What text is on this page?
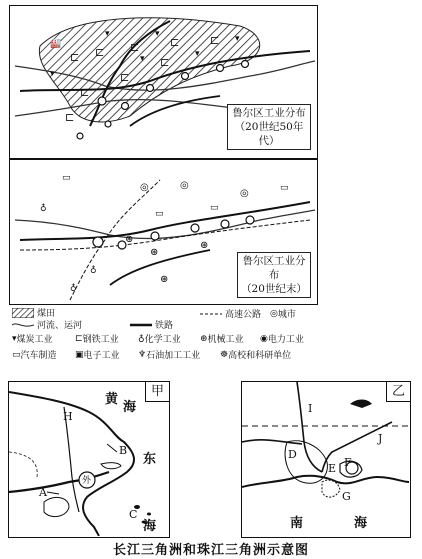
🏭
⊏ ⊏ ⊏	⊏	⊏
⊏
⊏
⊏
⊏
▾
▾	▾
▾
▾
▾
鲁尔区工业分布
（20世纪50年代）
⊛
⊛
⊛
⊛
▭
▭
▭
▭
◎	◎
◎
♁
♁
♁
鲁尔区工业分布
（20世纪末）
煤田
河流、运河	铁路
高速公路 ◎ 城市
▾ 煤炭工业 ⊏ 钢铁工业 ♁ 化学工业 ⊛ 机械工业 ◉ 电力工业
▭ 汽车制造 ▣ 电子工业 ♆ 石油加工工业 ☸ 高校和科研单位
甲
黄
海
东
海
H
B
A
C
外
乙
I
J
D
E F
G
南	海
长江三角洲和珠江三角洲示意图
